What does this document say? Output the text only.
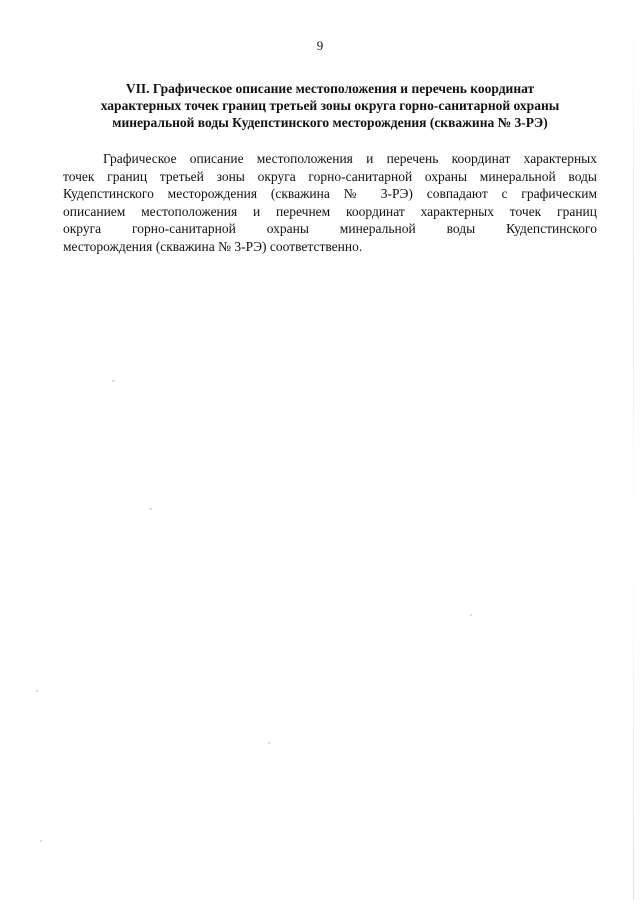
9
VII. Графическое описание местоположения и перечень координат
характерных точек границ третьей зоны округа горно-санитарной охраны
минеральной воды Кудепстинского месторождения (скважина № 3-РЭ)
Графическое описание местоположения и перечень координат характерных
точек границ третьей зоны округа горно-санитарной охраны минеральной воды
Кудепстинского месторождения (скважина № 3-РЭ) совпадают с графическим
описанием местоположения и перечнем координат характерных точек границ
округа горно-санитарной охраны минеральной воды Кудепстинского
месторождения (скважина № 3-РЭ) соответственно.
